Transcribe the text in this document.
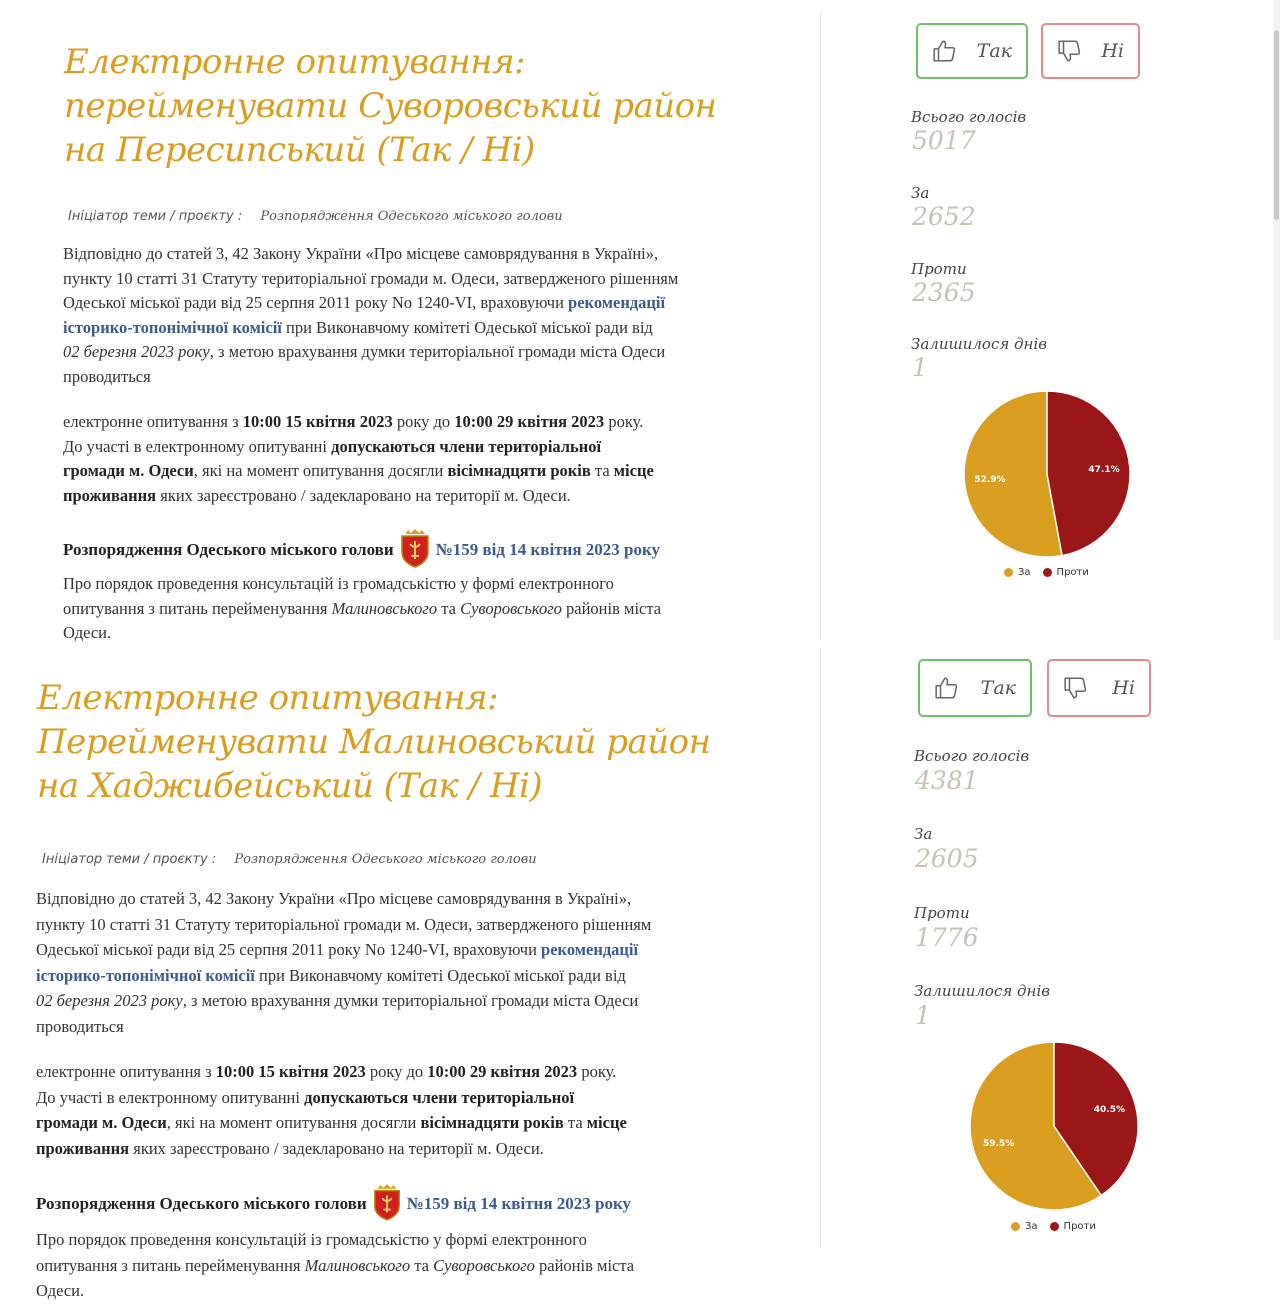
Електронне опитування:
перейменувати Суворовський район
на Пересипський (Так / Ні)
Ініціатор теми / проєкту : Розпорядження Одеського міського голови
Відповідно до статей 3, 42 Закону України «Про місцеве самоврядування в Україні»,
пункту 10 статті 31 Статуту територіальної громади м. Одеси, затвердженого рішенням
Одеської міської ради від 25 серпня 2011 року No 1240-VI, враховуючи рекомендації
історико-топонімічної комісії при Виконавчому комітеті Одеської міської ради від
02 березня 2023 року, з метою врахування думки територіальної громади міста Одеси
проводиться
електронне опитування з 10:00 15 квітня 2023 року до 10:00 29 квітня 2023 року.
До участі в електронному опитуванні допускаються члени територіальної
громади м. Одеси, які на момент опитування досягли вісімнадцяти років та місце
проживання яких зареєстровано / задекларовано на території м. Одеси.
Розпорядження Одеського міського голови №159 від 14 квітня 2023 року
Про порядок проведення консультацій із громадськістю у формі електронного
опитування з питань перейменування Малиновського та Суворовського районів міста
Одеси.
Так	Ні
Всього голосів
5017
За
2652
Проти
2365
Залишилося днів
1
52.9%
47.1%
За	Проти
Електронне опитування:
Перейменувати Малиновський район
на Хаджибейський (Так / Ні)
Ініціатор теми / проєкту : Розпорядження Одеського міського голови
Відповідно до статей 3, 42 Закону України «Про місцеве самоврядування в Україні»,
пункту 10 статті 31 Статуту територіальної громади м. Одеси, затвердженого рішенням
Одеської міської ради від 25 серпня 2011 року No 1240-VI, враховуючи рекомендації
історико-топонімічної комісії при Виконавчому комітеті Одеської міської ради від
02 березня 2023 року, з метою врахування думки територіальної громади міста Одеси
проводиться
електронне опитування з 10:00 15 квітня 2023 року до 10:00 29 квітня 2023 року.
До участі в електронному опитуванні допускаються члени територіальної
громади м. Одеси, які на момент опитування досягли вісімнадцяти років та місце
проживання яких зареєстровано / задекларовано на території м. Одеси.
Розпорядження Одеського міського голови №159 від 14 квітня 2023 року
Про порядок проведення консультацій із громадськістю у формі електронного
опитування з питань перейменування Малиновського та Суворовського районів міста
Одеси.
Так	Ні
Всього голосів
4381
За
2605
Проти
1776
Залишилося днів
1
59.5%
40.5%
За	Проти
